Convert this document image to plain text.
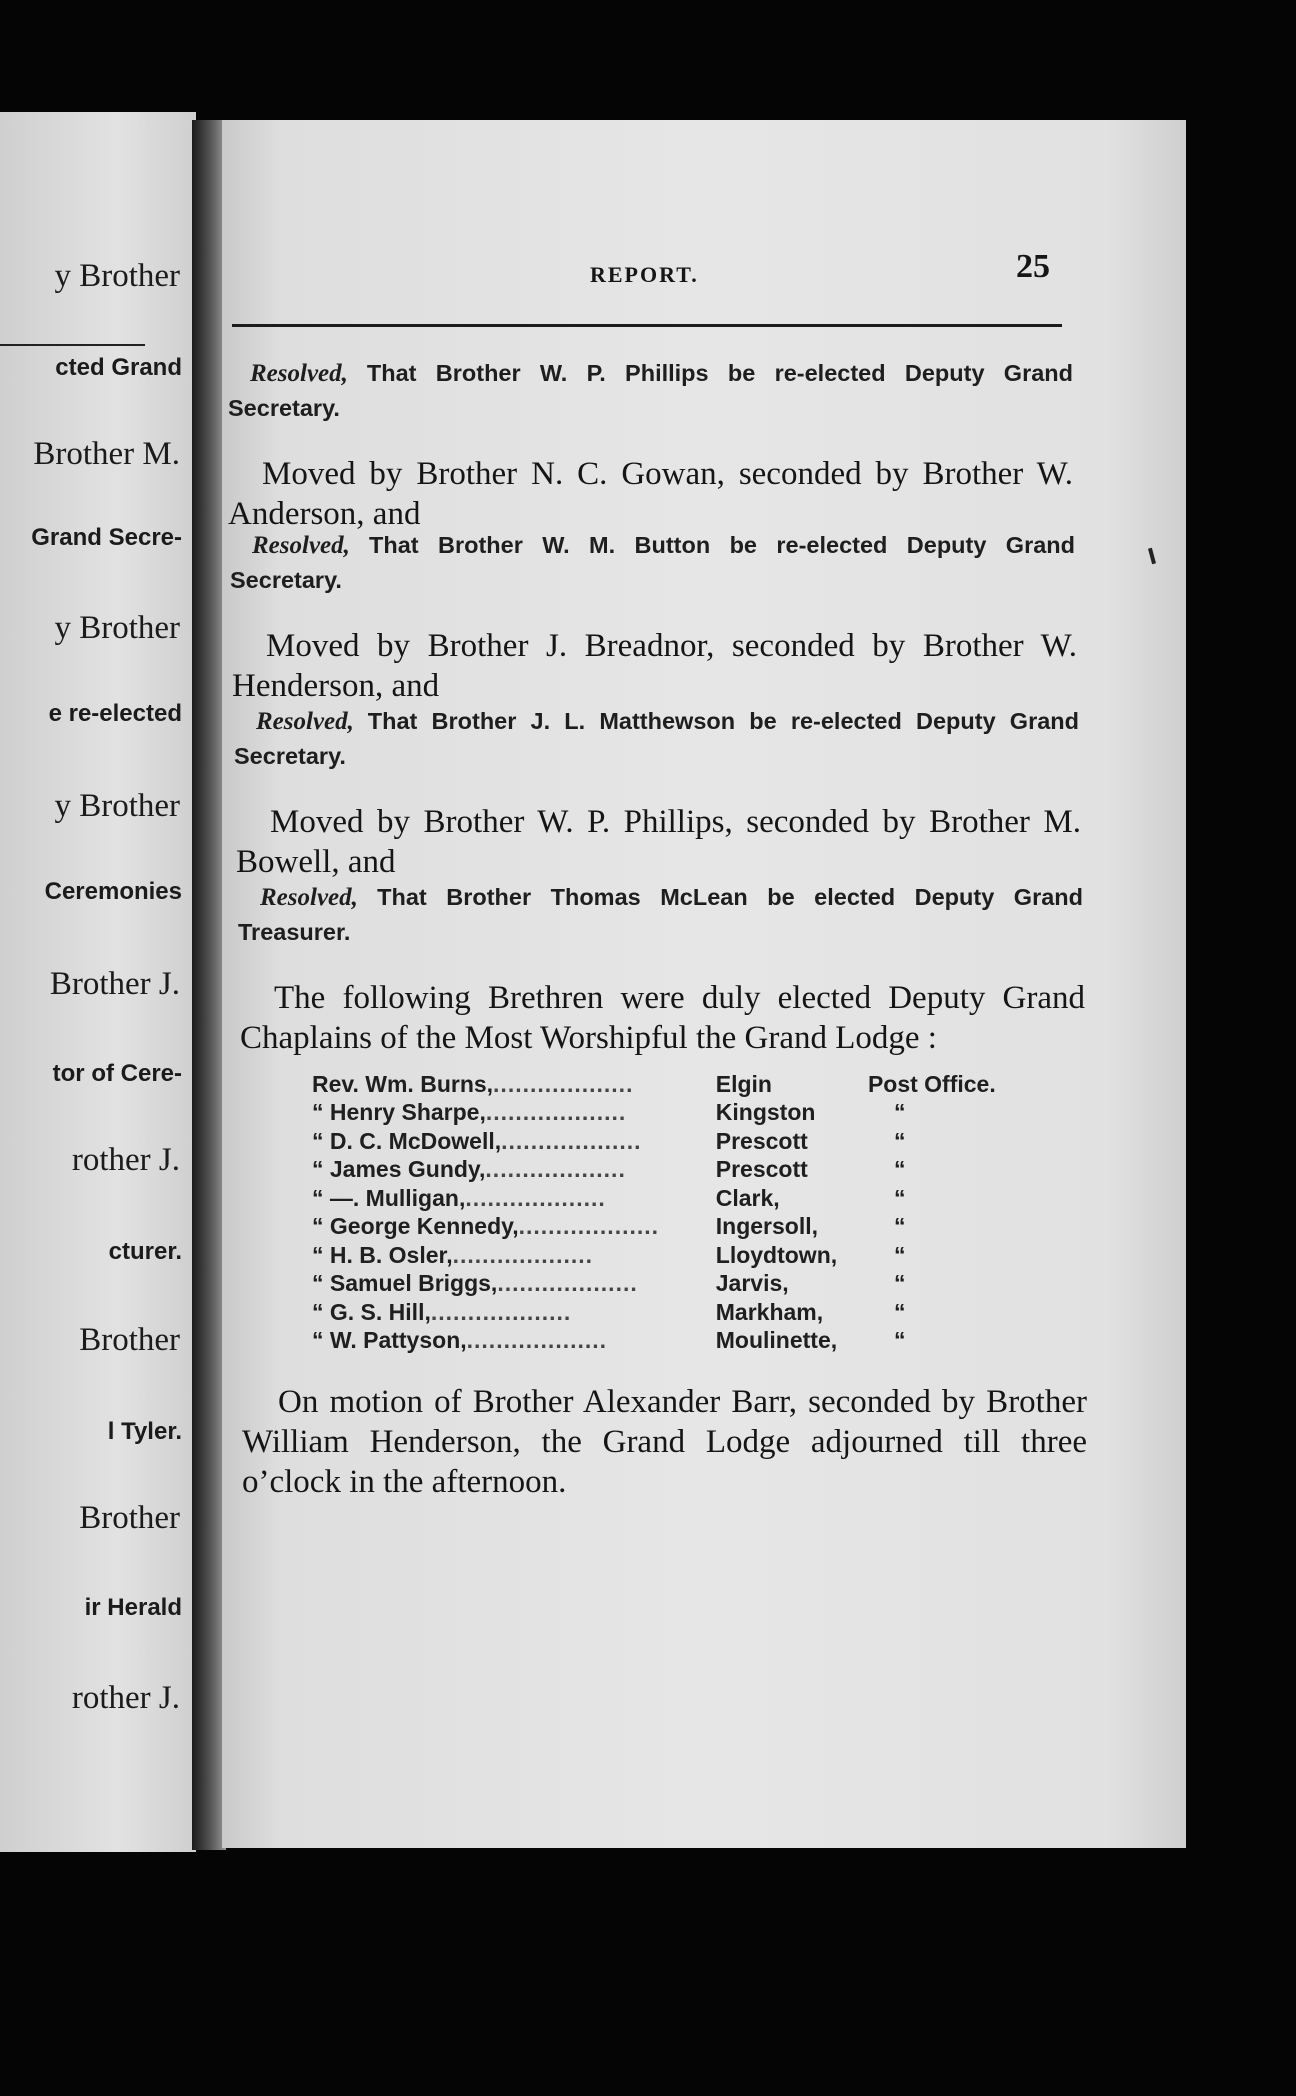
y Brother
cted Grand
Brother M.
Grand Secre-
y Brother
e re-elected
y Brother
Ceremonies
Brother J.
tor of Cere-
rother J.
cturer.
Brother
l Tyler.
Brother
ir Herald
rother J.
REPORT.	25
Resolved, That Brother W. P. Phillips be re-elected Deputy Grand Secretary.
Moved by Brother N. C. Gowan, seconded by Brother W. Anderson, and
Resolved, That Brother W. M. Button be re-elected Deputy Grand Secretary.
Moved by Brother J. Breadnor, seconded by Brother W. Henderson, and
Resolved, That Brother J. L. Matthewson be re-elected Deputy Grand Secretary.
Moved by Brother W. P. Phillips, seconded by Brother M. Bowell, and
Resolved, That Brother Thomas McLean be elected Deputy Grand Treasurer.
The following Brethren were duly elected Deputy Grand Chaplains of the Most Worshipful the Grand Lodge :
Rev. Wm. Burns,...................	Elgin	Post Office.
“ Henry Sharpe,...................	Kingston	“
“ D. C. McDowell,...................	Prescott	“
“ James Gundy,...................	Prescott	“
“ —. Mulligan,...................	Clark,	“
“ George Kennedy,...................	Ingersoll,	“
“ H. B. Osler,...................	Lloydtown,	“
“ Samuel Briggs,...................	Jarvis,	“
“ G. S. Hill,...................	Markham,	“
“ W. Pattyson,...................	Moulinette,	“
On motion of Brother Alexander Barr, seconded by Brother William Henderson, the Grand Lodge adjourned till three o’clock in the afternoon.
